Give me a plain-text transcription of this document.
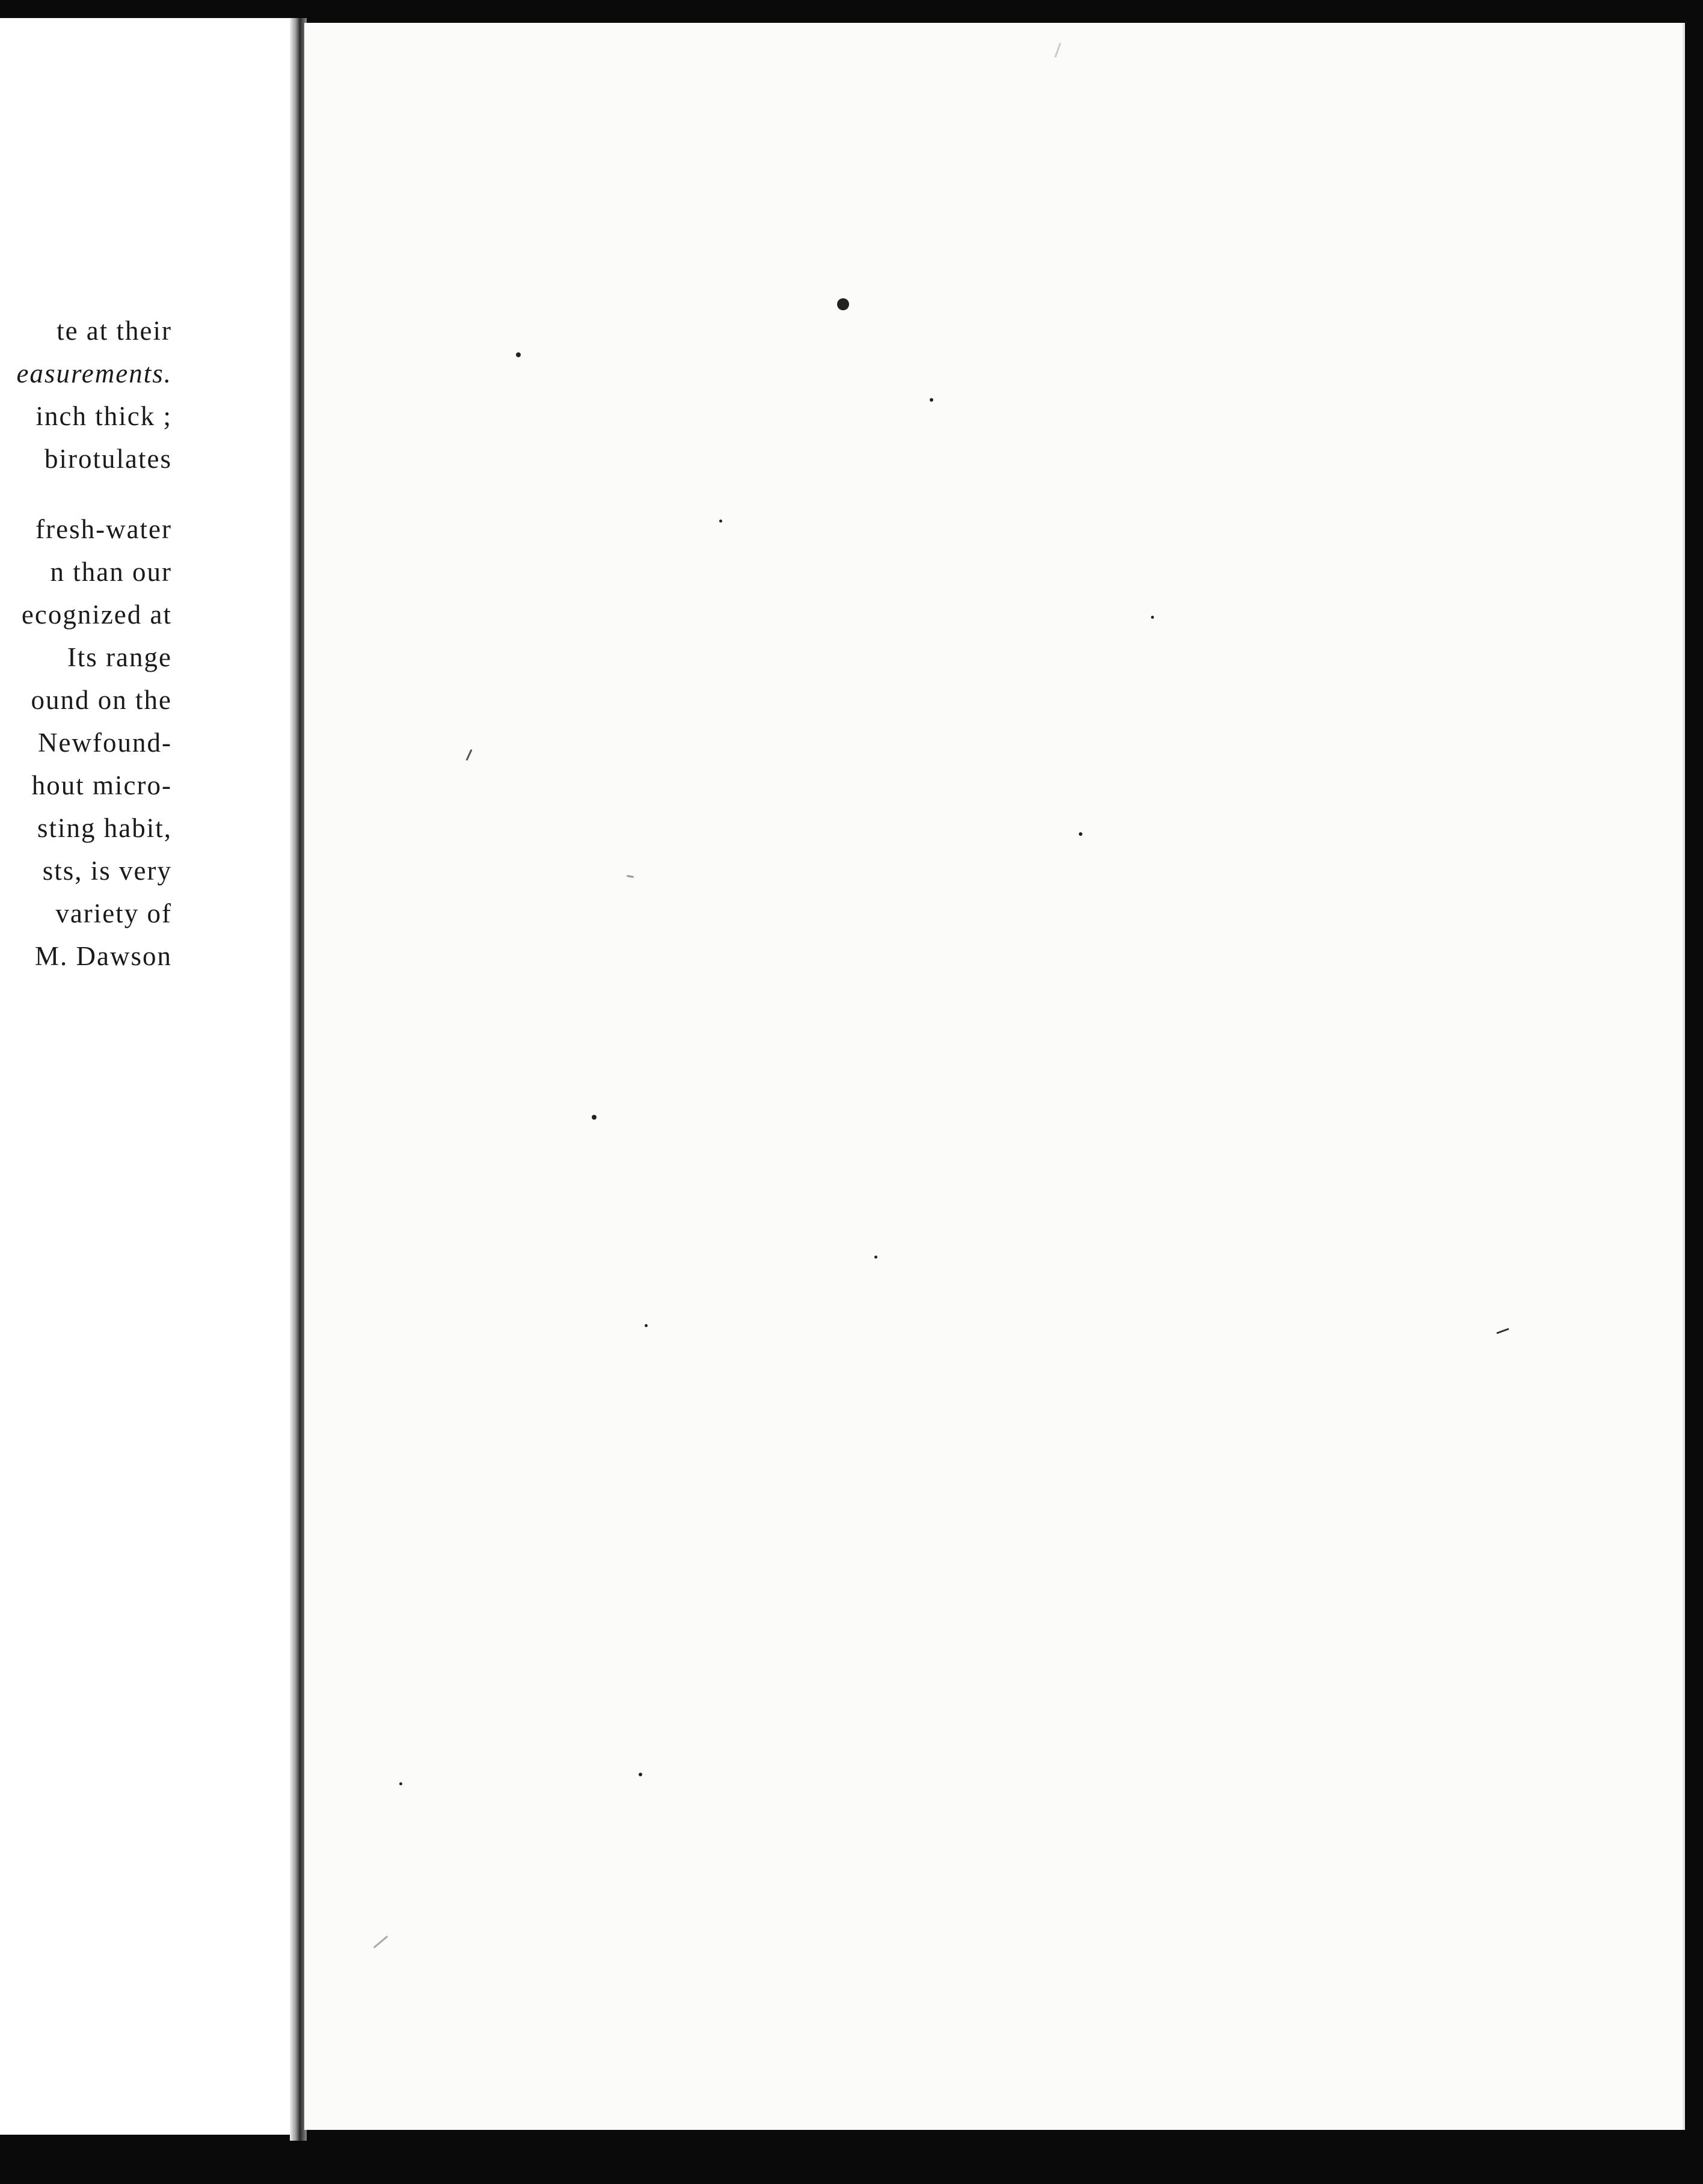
te at their
easurements.
inch thick ;
birotulates
fresh-water
n than our
ecognized at
Its range
ound on the
Newfound-
hout micro-
sting habit,
sts, is very
variety of
M. Dawson
